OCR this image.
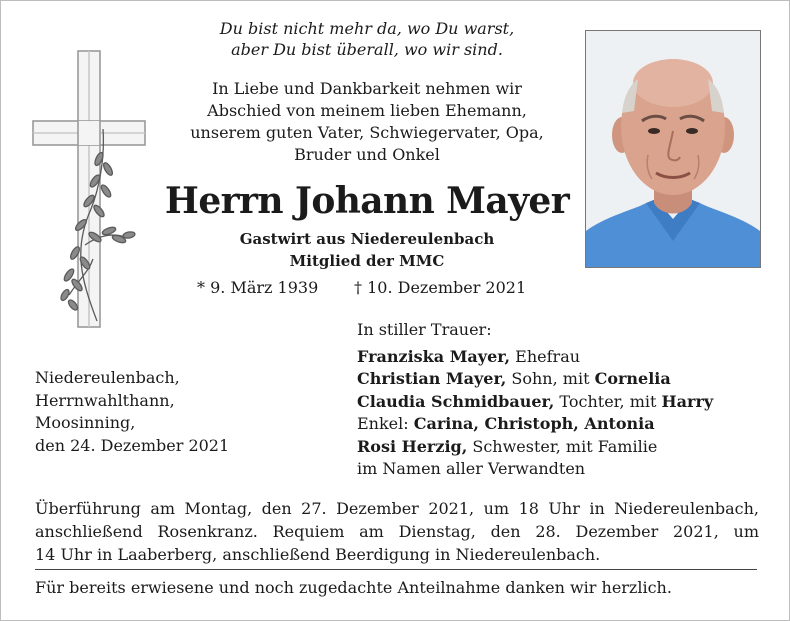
Du bist nicht mehr da, wo Du warst,
aber Du bist überall, wo wir sind.
In Liebe und Dankbarkeit nehmen wir
Abschied von meinem lieben Ehemann,
unserem guten Vater, Schwiegervater, Opa,
Bruder und Onkel
Herrn Johann Mayer
Gastwirt aus Niedereulenbach
Mitglied der MMC
* 9. März 1939 † 10. Dezember 2021
Niedereulenbach,
Herrnwahlthann,
Moosinning,
den 24. Dezember 2021
In stiller Trauer:
Franziska Mayer, Ehefrau
Christian Mayer, Sohn, mit Cornelia
Claudia Schmidbauer, Tochter, mit Harry
Enkel: Carina, Christoph, Antonia
Rosi Herzig, Schwester, mit Familie
im Namen aller Verwandten
Überführung am Montag, den 27. Dezember 2021, um 18 Uhr in Niedereulenbach,
anschließend Rosenkranz. Requiem am Dienstag, den 28. Dezember 2021, um
14 Uhr in Laaberberg, anschließend Beerdigung in Niedereulenbach.
Für bereits erwiesene und noch zugedachte Anteilnahme danken wir herzlich.
